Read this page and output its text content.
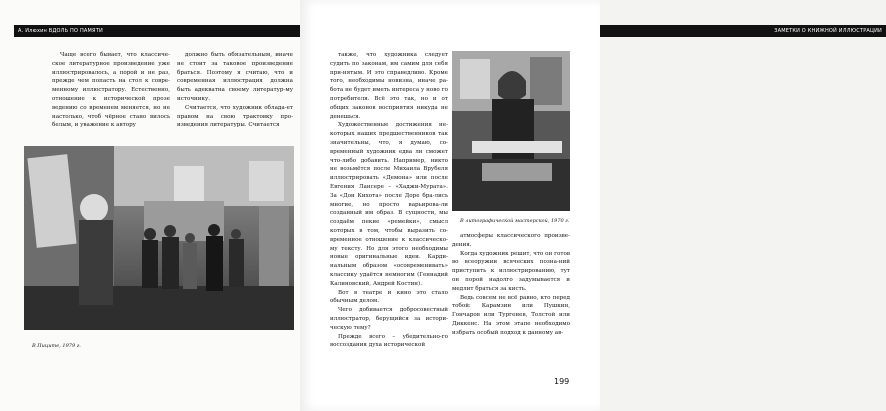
А. Илюхин ВДОЛЬ ПО ПАМЯТИ

Чаще всего бывает, что классиче-ское литературное произведение уже иллюстрировалось, а порой и не раз, прежде чем попасть на стол к совре-менному иллюстратору. Естественно, отношение к исторической прозе ведению со временем меняется, но не настолько, чтоб чёрное стано вилось белым, и уважение к автору

должно быть обязательным, иначе не стоит за таковое произведение браться. Поэтому я считаю, что и современная иллюстрация должна быть адекватна своему литератур-му источнику.

Считается, что художник облада-ет правом на свою трактовку про-изведения литературы. Считается

В Пиците, 1979 г.
ЗАМЕТКИ О КНИЖНОЙ ИЛЛЮСТРАЦИИ

также, что художника следует судить по законам, им самим для себя при-нятым. И это справедливо. Кроме того, необходимы новизна, иначе ра-бота не будет иметь интереса у ново го потребителя. Всё это так, но и от общих законов восприятия никуда не денешься.

Художественные достижения не-которых наших предшественников так значительны, что, я думаю, со-временный художник едва ли сможет что-либо добавить. Например, никто не возьмётся после Михаила Врубеля иллюстрировать «Демона» или после Евгения Лансере – «Хаджи-Мурата». За «Дон Кихота» после Доре бра-лись многие, но просто варьирова-ли созданный им образ. В сущности, мы создаём пекие «ремейки», смысл которых в том, чтобы выразить со-временное отношение к классическо-му тексту. Но для этого необходимы новые оригинальные идеи. Карди-нальным образом «осовременивать» классику удаётся немногим (Геннадий Калиновский, Андрей Костин).

Вот в театре и кино это стало обычным делом.

Чего добивается добросовестный иллюстратор, берущийся за истори-ческую тему?

Прежде всего – убедительно-го воссоздания духа исторической

В литографической мастерской, 1970 г.

атмосферы классического произве-дения.

Когда художник решит, что он готов во всеоружии всяческих позна-ний приступить к иллюстрированию, тут он порой надолго задумывается и медлит браться за кисть.

Ведь совсем не всё равно, кто перед тобой: Карамзин или Пушкин, Гончаров или Тургенев, Толстой или Диккенс. На этом этапе необходимо избрать особый подход к данному ав-

199
